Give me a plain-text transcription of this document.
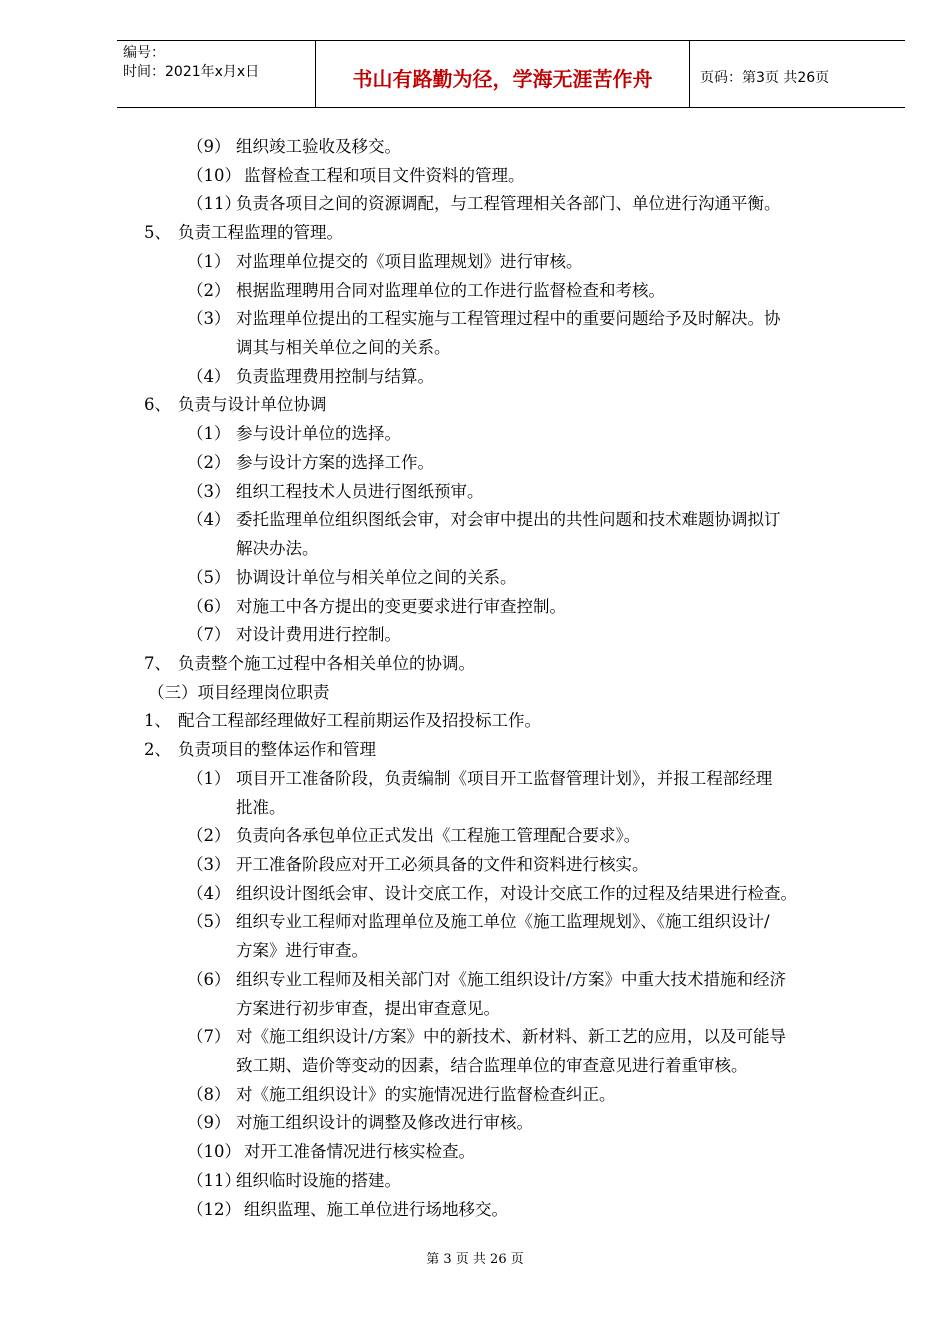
编号：
时间：2021年x月x日	书山有路勤为径，学海无涯苦作舟	页码：第3页 共26页
（9） 组织竣工验收及移交。
（10） 监督检查工程和项目文件资料的管理。
（11）
负责各项目之间的资源调配，与工程管理相关各部门、单位进行沟通平衡。
5、 负责工程监理的管理。
（1） 对监理单位提交的《项目监理规划》进行审核。
（2） 根据监理聘用合同对监理单位的工作进行监督检查和考核。
（3） 对监理单位提出的工程实施与工程管理过程中的重要问题给予及时解决。协
调其与相关单位之间的关系。
（4） 负责监理费用控制与结算。
6、 负责与设计单位协调
（1） 参与设计单位的选择。
（2） 参与设计方案的选择工作。
（3） 组织工程技术人员进行图纸预审。
（4） 委托监理单位组织图纸会审，对会审中提出的共性问题和技术难题协调拟订
解决办法。
（5） 协调设计单位与相关单位之间的关系。
（6） 对施工中各方提出的变更要求进行审查控制。
（7） 对设计费用进行控制。
7、 负责整个施工过程中各相关单位的协调。
（三）项目经理岗位职责
1、 配合工程部经理做好工程前期运作及招投标工作。
2、 负责项目的整体运作和管理
（1） 项目开工准备阶段，负责编制《项目开工监督管理计划》，并报工程部经理
批准。
（2） 负责向各承包单位正式发出《工程施工管理配合要求》。
（3） 开工准备阶段应对开工必须具备的文件和资料进行核实。
（4） 组织设计图纸会审、设计交底工作，对设计交底工作的过程及结果进行检查。
（5） 组织专业工程师对监理单位及施工单位《施工监理规划》、《施工组织设计/
方案》进行审查。
（6） 组织专业工程师及相关部门对《施工组织设计/方案》中重大技术措施和经济
方案进行初步审查，提出审查意见。
（7） 对《施工组织设计/方案》中的新技术、新材料、新工艺的应用，以及可能导
致工期、造价等变动的因素，结合监理单位的审查意见进行着重审核。
（8） 对《施工组织设计》的实施情况进行监督检查纠正。
（9） 对施工组织设计的调整及修改进行审核。
（10） 对开工准备情况进行核实检查。
（11）
组织临时设施的搭建。
（12） 组织监理、施工单位进行场地移交。
第 3 页 共 26 页
